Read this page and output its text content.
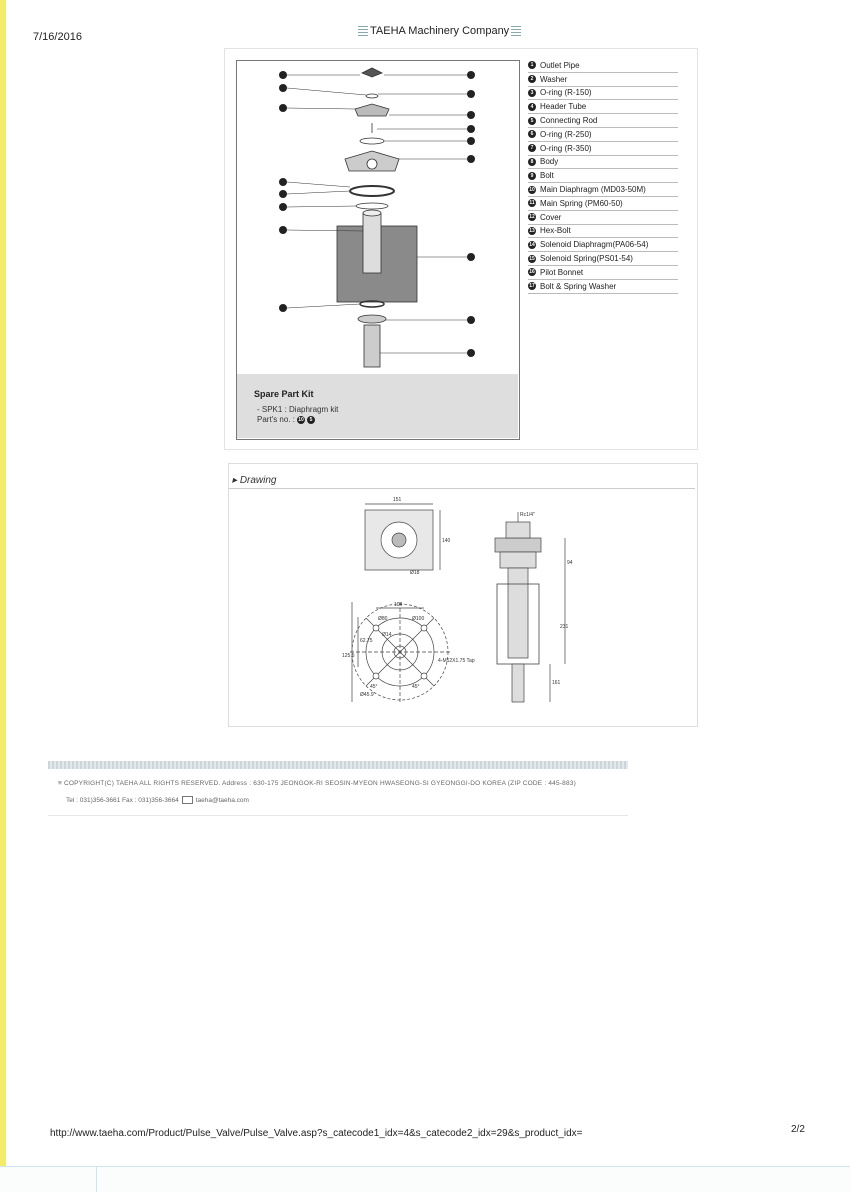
7/16/2016	TAEHA Machinery Company
Spare Part Kit
- SPK1 : Diaphragm kit
Part's no. : 10	5
1 Outlet Pipe
2 Washer
3 O-ring (R-150)
4 Header Tube
5 Connecting Rod
6 O-ring (R-250)
7 O-ring (R-350)
8 Body
9 Bolt
10 Main Diaphragm (MD03-50M)
11 Main Spring (PM60-50)
12 Cover
13 Hex-Bolt
14 Solenoid Diaphragm(PA06-54)
15 Solenoid Spring(PS01-54)
16 Pilot Bonnet
17 Bolt & Spring Washer
▸ Drawing
151
140
Ø18
Rc1/4"
94
231
161
104
62.75
125.5
4-M12X1.75 Tap
Ø80	Ø100
45°	45°
Ø45.9
Ø14
≡ COPYRIGHT(C) TAEHA ALL RIGHTS RESERVED. Address : 630-175 JEONGOK-RI SEOSIN-MYEON HWASEONG-SI GYEONGGI-DO KOREA (ZIP CODE : 445-883)
Tel : 031)356-3661 Fax : 031)356-3664	taeha@taeha.com
http://www.taeha.com/Product/Pulse_Valve/Pulse_Valve.asp?s_catecode1_idx=4&s_catecode2_idx=29&s_product_idx=	2/2
